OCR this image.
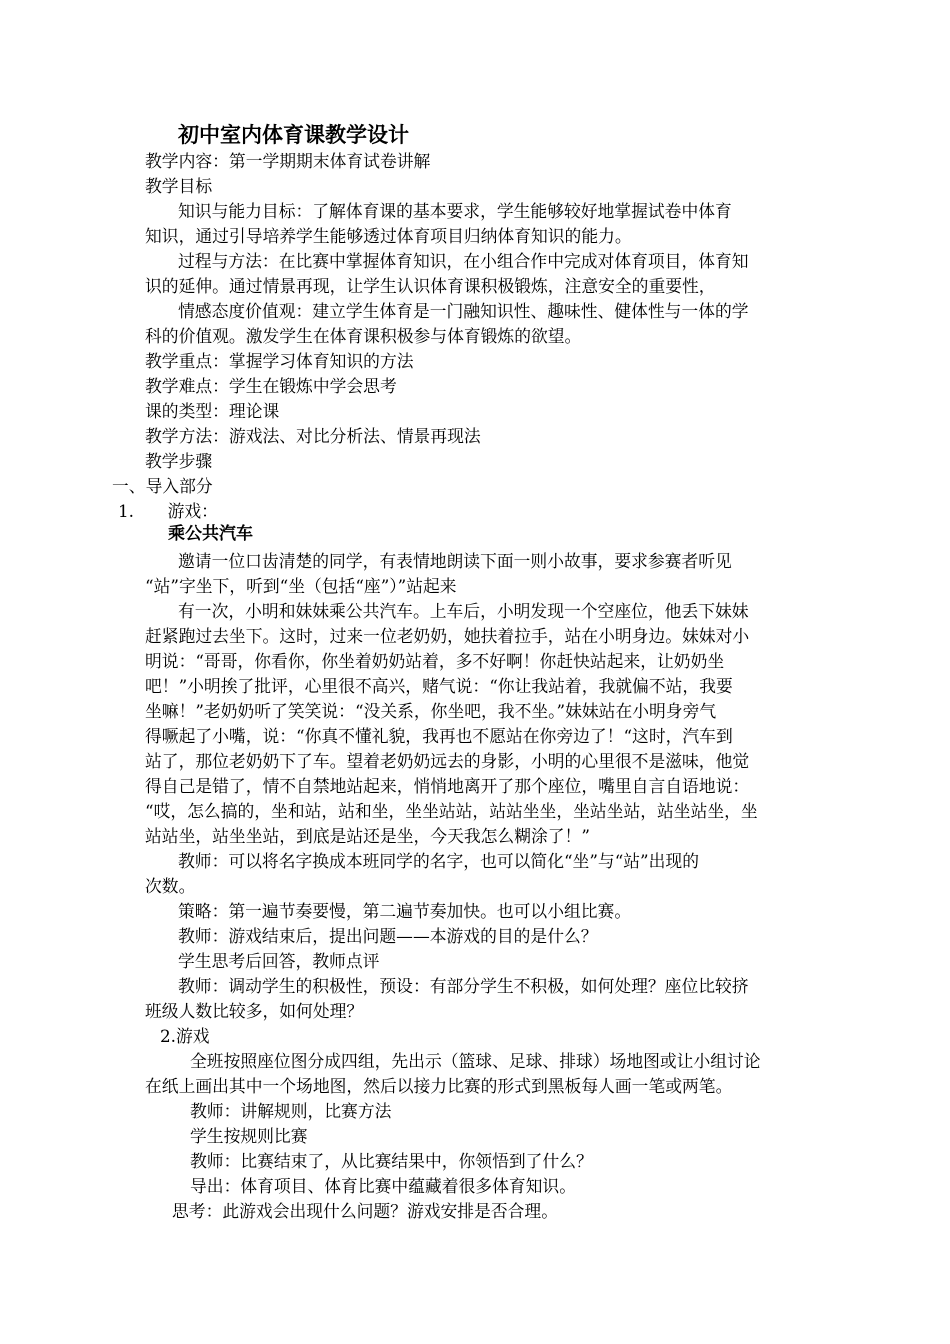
初中室内体育课教学设计
教学内容：第一学期期末体育试卷讲解
教学目标
知识与能力目标：了解体育课的基本要求，学生能够较好地掌握试卷中体育
知识，通过引导培养学生能够透过体育项目归纳体育知识的能力。
过程与方法：在比赛中掌握体育知识，在小组合作中完成对体育项目，体育知
识的延伸。通过情景再现，让学生认识体育课积极锻炼，注意安全的重要性，
情感态度价值观：建立学生体育是一门融知识性、趣味性、健体性与一体的学
科的价值观。激发学生在体育课积极参与体育锻炼的欲望。
教学重点：掌握学习体育知识的方法
教学难点：学生在锻炼中学会思考
课的类型：理论课
教学方法：游戏法、对比分析法、情景再现法
教学步骤
一、导入部分
1.　　游戏：
乘公共汽车
邀请一位口齿清楚的同学，有表情地朗读下面一则小故事，要求参赛者听见
“站”字坐下，听到“坐（包括“座”）”站起来
有一次，小明和妹妹乘公共汽车。上车后，小明发现一个空座位，他丢下妹妹
赶紧跑过去坐下。这时，过来一位老奶奶，她扶着拉手，站在小明身边。妹妹对小
明说：“哥哥，你看你，你坐着奶奶站着，多不好啊！你赶快站起来，让奶奶坐
吧！”小明挨了批评，心里很不高兴，赌气说：“你让我站着，我就偏不站，我要
坐嘛！”老奶奶听了笑笑说：“没关系，你坐吧，我不坐。”妹妹站在小明身旁气
得噘起了小嘴，说：“你真不懂礼貌，我再也不愿站在你旁边了！“这时，汽车到
站了，那位老奶奶下了车。望着老奶奶远去的身影，小明的心里很不是滋味，他觉
得自己是错了，情不自禁地站起来，悄悄地离开了那个座位，嘴里自言自语地说：
“哎，怎么搞的，坐和站，站和坐，坐坐站站，站站坐坐，坐站坐站，站坐站坐，坐
站站坐，站坐坐站，到底是站还是坐，今天我怎么糊涂了！”
教师：可以将名字换成本班同学的名字，也可以简化“坐”与“站”出现的
次数。
策略：第一遍节奏要慢，第二遍节奏加快。也可以小组比赛。
教师：游戏结束后，提出问题——本游戏的目的是什么？
学生思考后回答，教师点评
教师：调动学生的积极性，预设：有部分学生不积极，如何处理？座位比较挤
班级人数比较多，如何处理？
2.游戏
全班按照座位图分成四组，先出示（篮球、足球、排球）场地图或让小组讨论
在纸上画出其中一个场地图，然后以接力比赛的形式到黑板每人画一笔或两笔。
教师：讲解规则，比赛方法
学生按规则比赛
教师：比赛结束了，从比赛结果中，你领悟到了什么？
导出：体育项目、体育比赛中蕴藏着很多体育知识。
思考：此游戏会出现什么问题？游戏安排是否合理。
